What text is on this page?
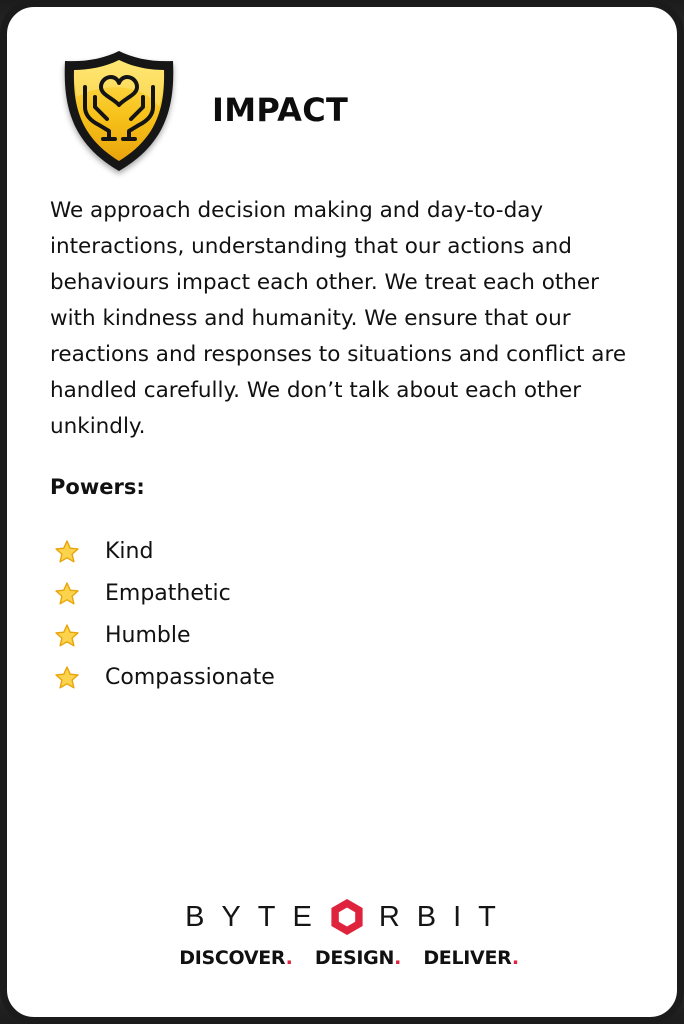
IMPACT

We approach decision making and day-to-day interactions, understanding that our actions and behaviours impact each other. We treat each other with kindness and humanity. We ensure that our reactions and responses to situations and conflict are handled carefully. We don’t talk about each other unkindly.

Powers:
Kind
Empathetic
Humble
Compassionate
BYTE RBIT
DISCOVER. DESIGN. DELIVER.
